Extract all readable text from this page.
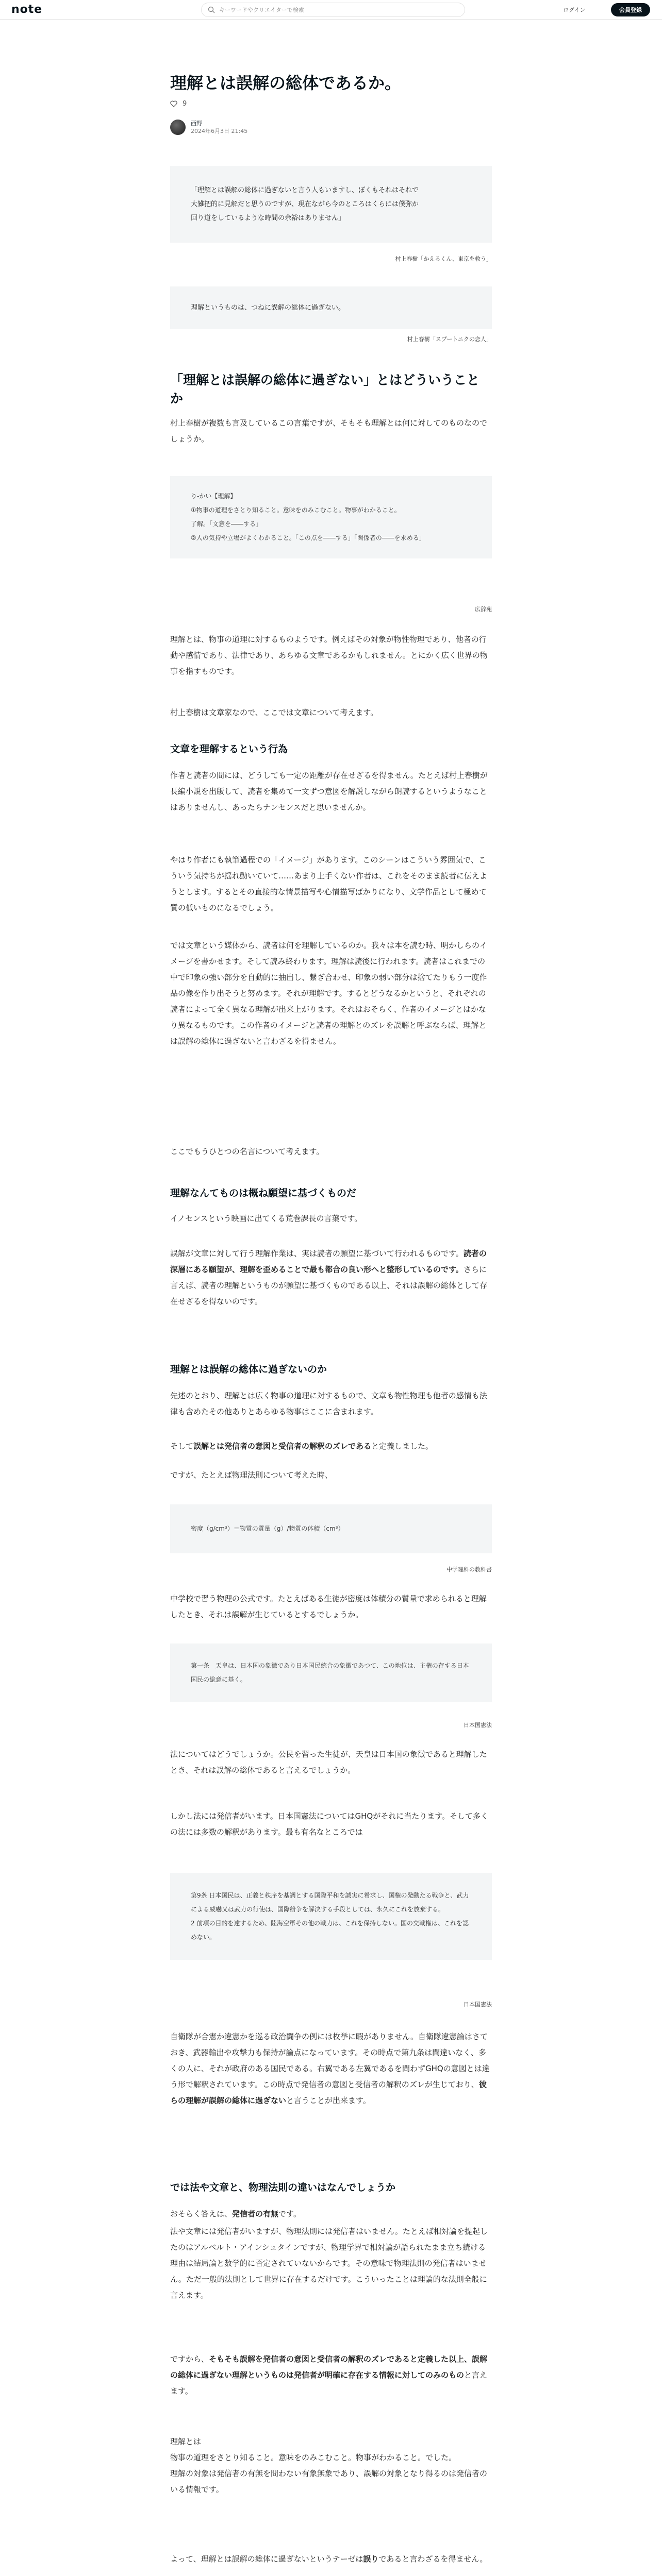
note	キーワードやクリエイターで検索	ログイン	会員登録
理解とは誤解の総体であるか。
9
西野
2024年6月3日 21:45
「理解とは誤解の総体に過ぎないと言う人もいますし、ぼくもそれはそれで
大雑把的に見解だと思うのですが、現在ながら今のところはくらには僕弥か
回り道をしているような時間の余裕はありません」
村上春樹「かえるくん、東京を救う」
理解というものは、つねに誤解の総体に過ぎない。
村上春樹「スプートニクの恋人」
「理解とは誤解の総体に過ぎない」とはどういうことか

村上春樹が複数も言及しているこの言葉ですが、そもそも理解とは何に対してのものなのでしょうか。

り-かい【理解】
①物事の道理をさとり知ること。意味をのみこむこと。物事がわかること。
了解。「文意を――する」
②人の気持や立場がよくわかること。「この点を――する」「関係者の――を求める」
広辞苑

理解とは、物事の道理に対するものようです。例えばその対象が物性物理であり、他者の行動や感情であり、法律であり、あらゆる文章であるかもしれません。とにかく広く世界の物事を指すものです。

村上春樹は文章家なので、ここでは文章について考えます。

文章を理解するという行為

作者と読者の間には、どうしても一定の距離が存在せざるを得ません。たとえば村上春樹が長編小説を出版して、読者を集めて一文ずつ意図を解説しながら朗読するというようなことはありませんし、あったらナンセンスだと思いませんか。

やはり作者にも執筆過程での「イメージ」があります。このシーンはこういう雰囲気で、こういう気持ちが揺れ動いていて……あまり上手くない作者は、これをそのまま読者に伝えようとします。するとその直接的な情景描写や心情描写ばかりになり、文学作品として極めて質の低いものになるでしょう。

では文章という媒体から、読者は何を理解しているのか。我々は本を読む時、明かしらのイメージを書かせます。そして読み終わります。理解は読後に行われます。読者はこれまでの中で印象の強い部分を自動的に抽出し、繋ぎ合わせ、印象の弱い部分は捨てたりもう一度作品の像を作り出そうと努めます。それが理解です。するとどうなるかというと、それぞれの読者によって全く異なる理解が出来上がります。それはおそらく、作者のイメージとはかなり異なるものです。この作者のイメージと読者の理解とのズレを誤解と呼ぶならば、理解とは誤解の総体に過ぎないと言わざるを得ません。

ここでもうひとつの名言について考えます。

理解なんてものは概ね願望に基づくものだ

イノセンスという映画に出てくる荒巻課長の言葉です。

誤解が文章に対して行う理解作業は、実は読者の願望に基づいて行われるものです。読者の深層にある願望が、理解を歪めることで最も都合の良い形へと整形しているのです。さらに言えば、読者の理解というものが願望に基づくものである以上、それは誤解の総体として存在せざるを得ないのです。

理解とは誤解の総体に過ぎないのか

先述のとおり、理解とは広く物事の道理に対するもので、文章も物性物理も他者の感情も法律も含めたその他ありとあらゆる物事はここに含まれます。

そして誤解とは発信者の意図と受信者の解釈のズレであると定義しました。

ですが、たとえば物理法則について考えた時、

密度（g/cm³）＝物質の質量（g）/物質の体積（cm³）
中学理科の教科書

中学校で習う物理の公式です。たとえばある生徒が密度は体積分の質量で求められると理解したとき、それは誤解が生じているとするでしょうか。

第一条　天皇は、日本国の象徴であり日本国民統合の象徴であつて、この地位は、主権の存する日本国民の総意に基く。
日本国憲法

法についてはどうでしょうか。公民を習った生徒が、天皇は日本国の象徴であると理解したとき、それは誤解の総体であると言えるでしょうか。

しかし法には発信者がいます。日本国憲法についてはGHQがそれに当たります。そして多くの法には多数の解釈があります。最も有名なところでは

第9条 日本国民は、正義と秩序を基調とする国際平和を誠実に希求し、国権の発動たる戦争と、武力による威嚇又は武力の行使は、国際紛争を解決する手段としては、永久にこれを放棄する。
2 前項の目的を達するため、陸海空軍その他の戦力は、これを保持しない。国の交戦権は、これを認めない。
日本国憲法

自衛隊が合憲か違憲かを巡る政治闘争の例には枚挙に暇がありません。自衛隊違憲論はさておき、武器輸出や攻撃力も保持が論点になっています。その時点で第九条は間違いなく、多くの人に、それが政府のある国民である。右翼である左翼であるを問わずGHQの意図とは違う形で解釈されています。この時点で発信者の意図と受信者の解釈のズレが生じており、彼らの理解が誤解の総体に過ぎないと言うことが出来ます。

では法や文章と、物理法則の違いはなんでしょうか

おそらく答えは、発信者の有無です。

法や文章には発信者がいますが、物理法則には発信者はいません。たとえば相対論を提起したのはアルベルト・アインシュタインですが、物理学界で相対論が語られたまま立ち続ける理由は結局論と数学的に否定されていないからです。その意味で物理法則の発信者はいません。ただ一般的法則として世界に存在するだけです。こういったことは理論的な法則全般に言えます。

ですから、そもそも誤解を発信者の意図と受信者の解釈のズレであると定義した以上、誤解の総体に過ぎない理解というものは発信者が明確に存在する情報に対してのみのものと言えます。

理解とは
物事の道理をさとり知ること。意味をのみこむこと。物事がわかること。でした。
理解の対象は発信者の有無を問わない有象無象であり、誤解の対象となり得るのは発信者のいる情報です。

よって、理解とは誤解の総体に過ぎないというテーゼは誤りであると言わざるを得ません。
